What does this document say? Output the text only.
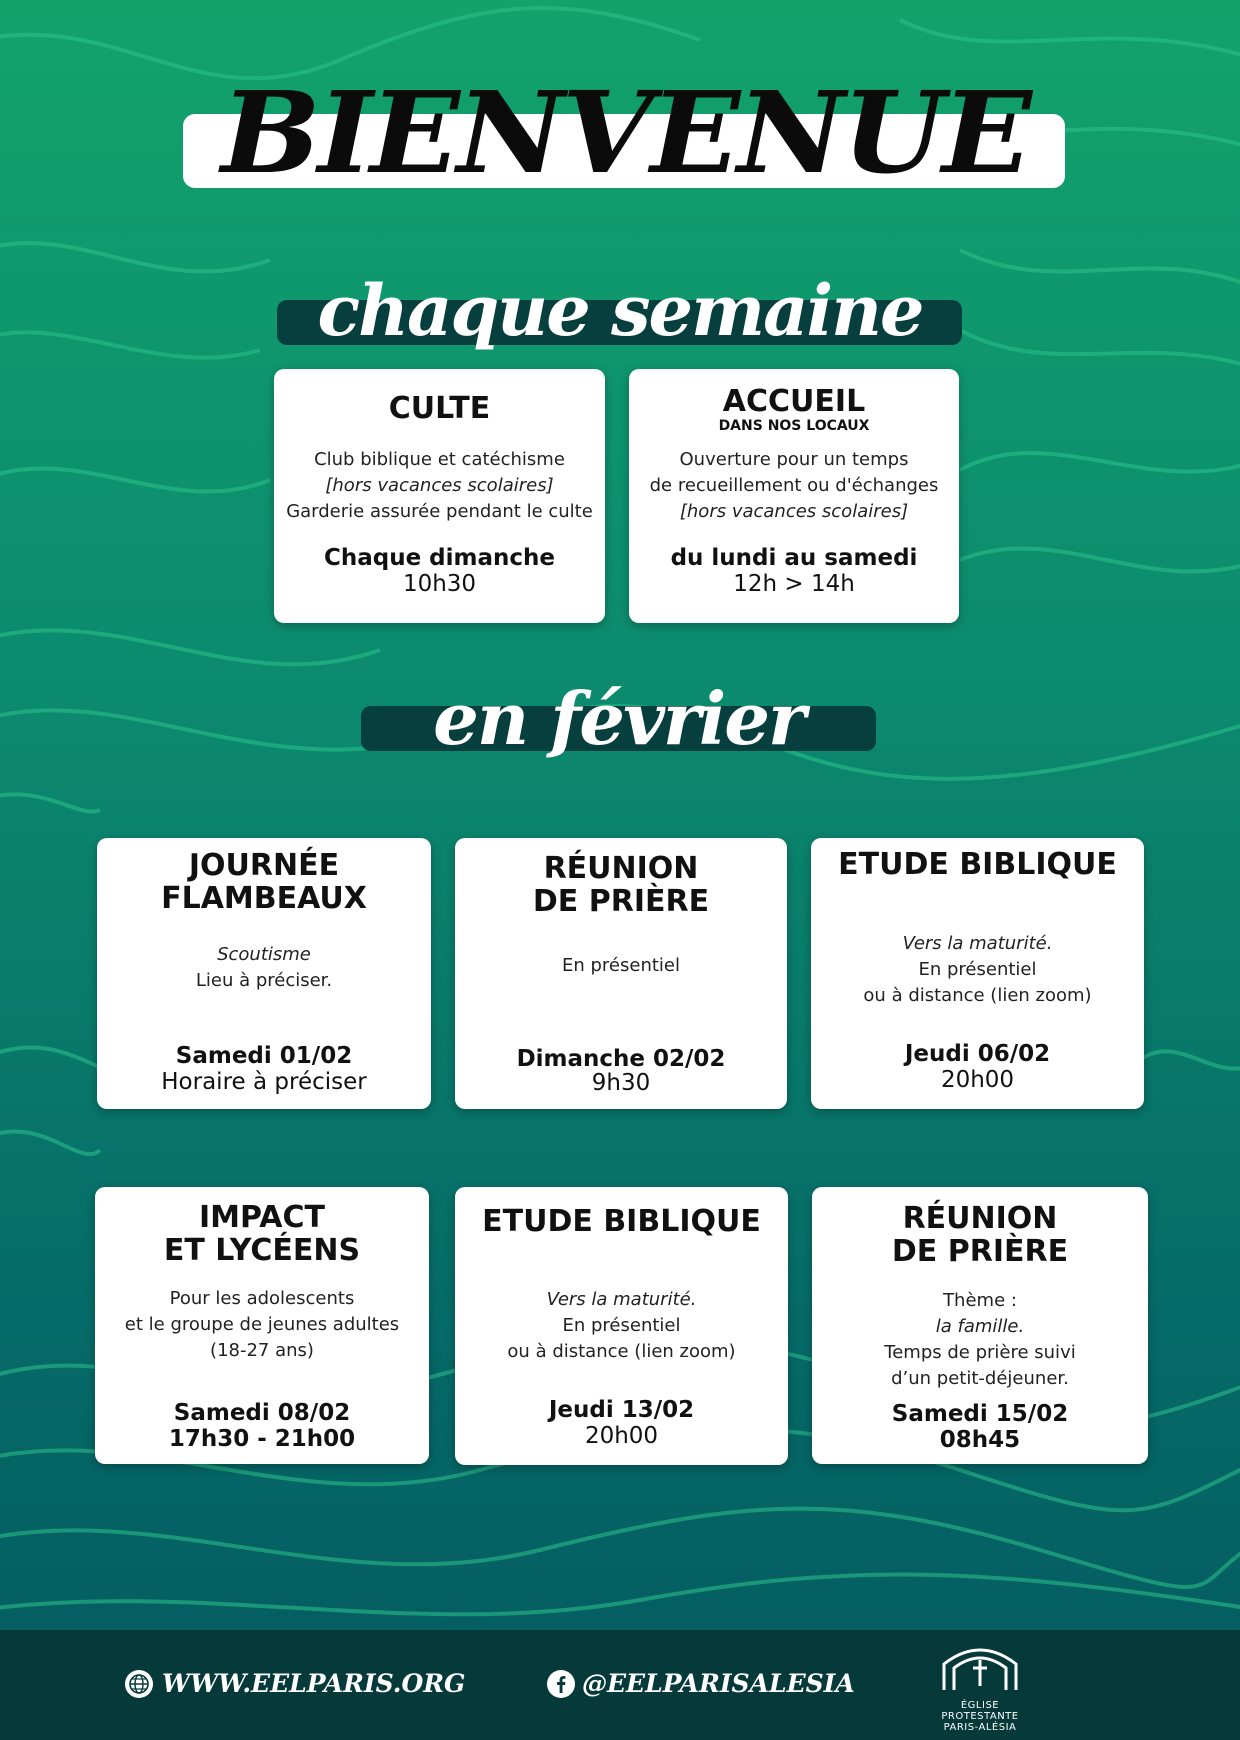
BIENVENUE
chaque semaine
CULTE
Club biblique et catéchisme
[hors vacances scolaires]
Garderie assurée pendant le culte
Chaque dimanche
10h30
ACCUEIL
DANS NOS LOCAUX
Ouverture pour un temps
de recueillement ou d'échanges
[hors vacances scolaires]
du lundi au samedi
12h > 14h
en février
JOURNÉE
FLAMBEAUX
Scoutisme
Lieu à préciser.
Samedi 01/02
Horaire à préciser
RÉUNION
DE PRIÈRE
En présentiel
Dimanche 02/02
9h30
ETUDE BIBLIQUE
Vers la maturité.
En présentiel
ou à distance (lien zoom)
Jeudi 06/02
20h00
IMPACT
ET LYCÉENS
Pour les adolescents
et le groupe de jeunes adultes
(18-27 ans)
Samedi 08/02
17h30 - 21h00
ETUDE BIBLIQUE
Vers la maturité.
En présentiel
ou à distance (lien zoom)
Jeudi 13/02
20h00
RÉUNION
DE PRIÈRE
Thème :
la famille.
Temps de prière suivi
d’un petit-déjeuner.
Samedi 15/02
08h45
WWW.EELPARIS.ORG	@EELPARISALESIA
ÉGLISE
PROTESTANTE
PARIS-ALÉSIA
